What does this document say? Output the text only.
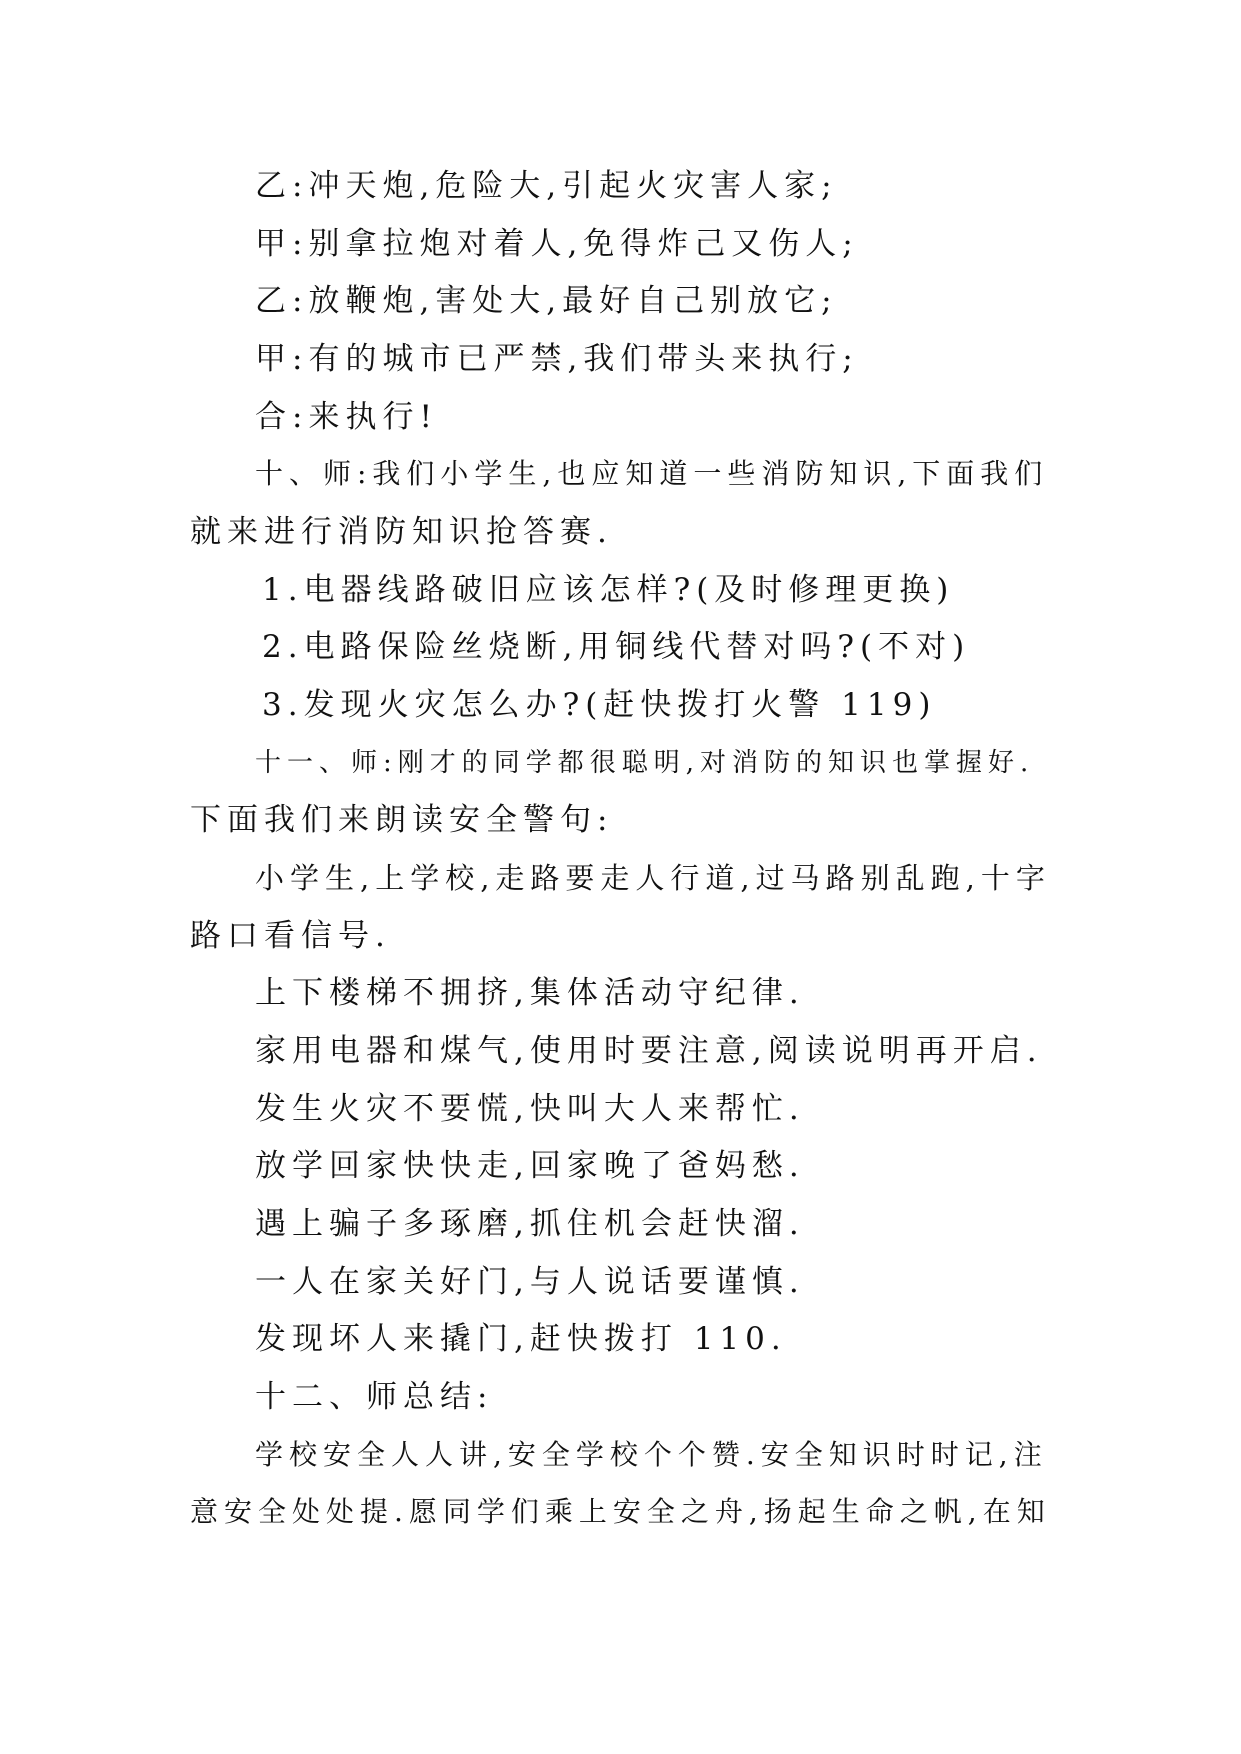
乙:冲天炮,危险大,引起火灾害人家;
甲:别拿拉炮对着人,免得炸己又伤人;
乙:放鞭炮,害处大,最好自己别放它;
甲:有的城市已严禁,我们带头来执行;
合:来执行!
十、师:我们小学生,也应知道一些消防知识,下面我们
就来进行消防知识抢答赛.
1.电器线路破旧应该怎样?(及时修理更换)
2.电路保险丝烧断,用铜线代替对吗?(不对)
3.发现火灾怎么办?(赶快拨打火警 119)
十一、师:刚才的同学都很聪明,对消防的知识也掌握好.
下面我们来朗读安全警句:
小学生,上学校,走路要走人行道,过马路别乱跑,十字
路口看信号.
上下楼梯不拥挤,集体活动守纪律.
家用电器和煤气,使用时要注意,阅读说明再开启.
发生火灾不要慌,快叫大人来帮忙.
放学回家快快走,回家晚了爸妈愁.
遇上骗子多琢磨,抓住机会赶快溜.
一人在家关好门,与人说话要谨慎.
发现坏人来撬门,赶快拨打 110.
十二、师总结:
学校安全人人讲,安全学校个个赞.安全知识时时记,注
意安全处处提.愿同学们乘上安全之舟,扬起生命之帆,在知
